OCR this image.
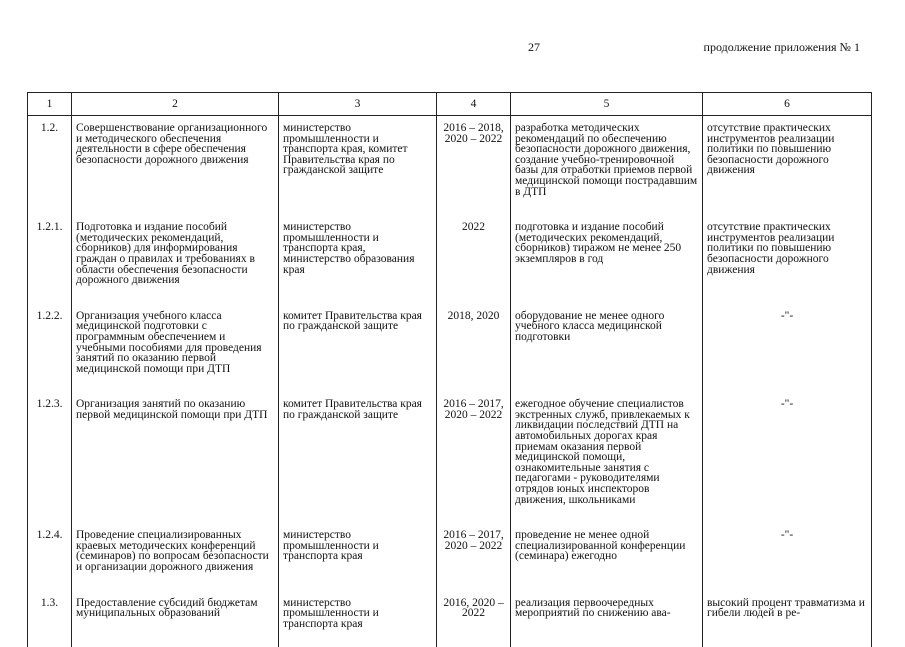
27	продолжение приложения № 1
1	2	3	4	5	6
1.2.	Совершенствование организационного и методического обеспечения деятельности в сфере обеспечения безопасности дорожного движения	министерство промышленности и транспорта края, комитет Правительства края по гражданской защите	2016 – 2018, 2020 – 2022	разработка методических рекомендаций по обеспечению безопасности дорожного движения, создание учебно-тренировочной базы для отработки приемов первой медицинской помощи пострадавшим в ДТП	отсутствие практических инструментов реализации политики по повышению безопасности дорожного движения
1.2.1.	Подготовка и издание пособий (методических рекомендаций, сборников) для информирования граждан о правилах и требованиях в области обеспечения безопасности дорожного движения	министерство промышленности и транспорта края, министерство образования края	2022	подготовка и издание пособий (методических рекомендаций, сборников) тиражом не менее 250 экземпляров в год	отсутствие практических инструментов реализации политики по повышению безопасности дорожного движения
1.2.2.	Организация учебного класса медицинской подготовки с программным обеспечением и учебными пособиями для проведения занятий по оказанию первой медицинской помощи при ДТП	комитет Правительства края по гражданской защите	2018, 2020	оборудование не менее одного учебного класса медицинской подготовки	-"-
1.2.3.	Организация занятий по оказанию первой медицинской помощи при ДТП	комитет Правительства края по гражданской защите	2016 – 2017, 2020 – 2022	ежегодное обучение специалистов экстренных служб, привлекаемых к ликвидации последствий ДТП на автомобильных дорогах края приемам оказания первой медицинской помощи, ознакомительные занятия с педагогами - руководителями отрядов юных инспекторов движения, школьниками	-"-
1.2.4.	Проведение специализированных краевых методических конференций (семинаров) по вопросам безопасности и организации дорожного движения	министерство промышленности и транспорта края	2016 – 2017, 2020 – 2022	проведение не менее одной специализированной конференции (семинара) ежегодно	-"-
1.3.	Предоставление субсидий бюджетам муниципальных образований	министерство промышленности и транспорта края	2016, 2020 – 2022	реализация первоочередных мероприятий по снижению ава-	высокий процент травматизма и гибели людей в ре-
